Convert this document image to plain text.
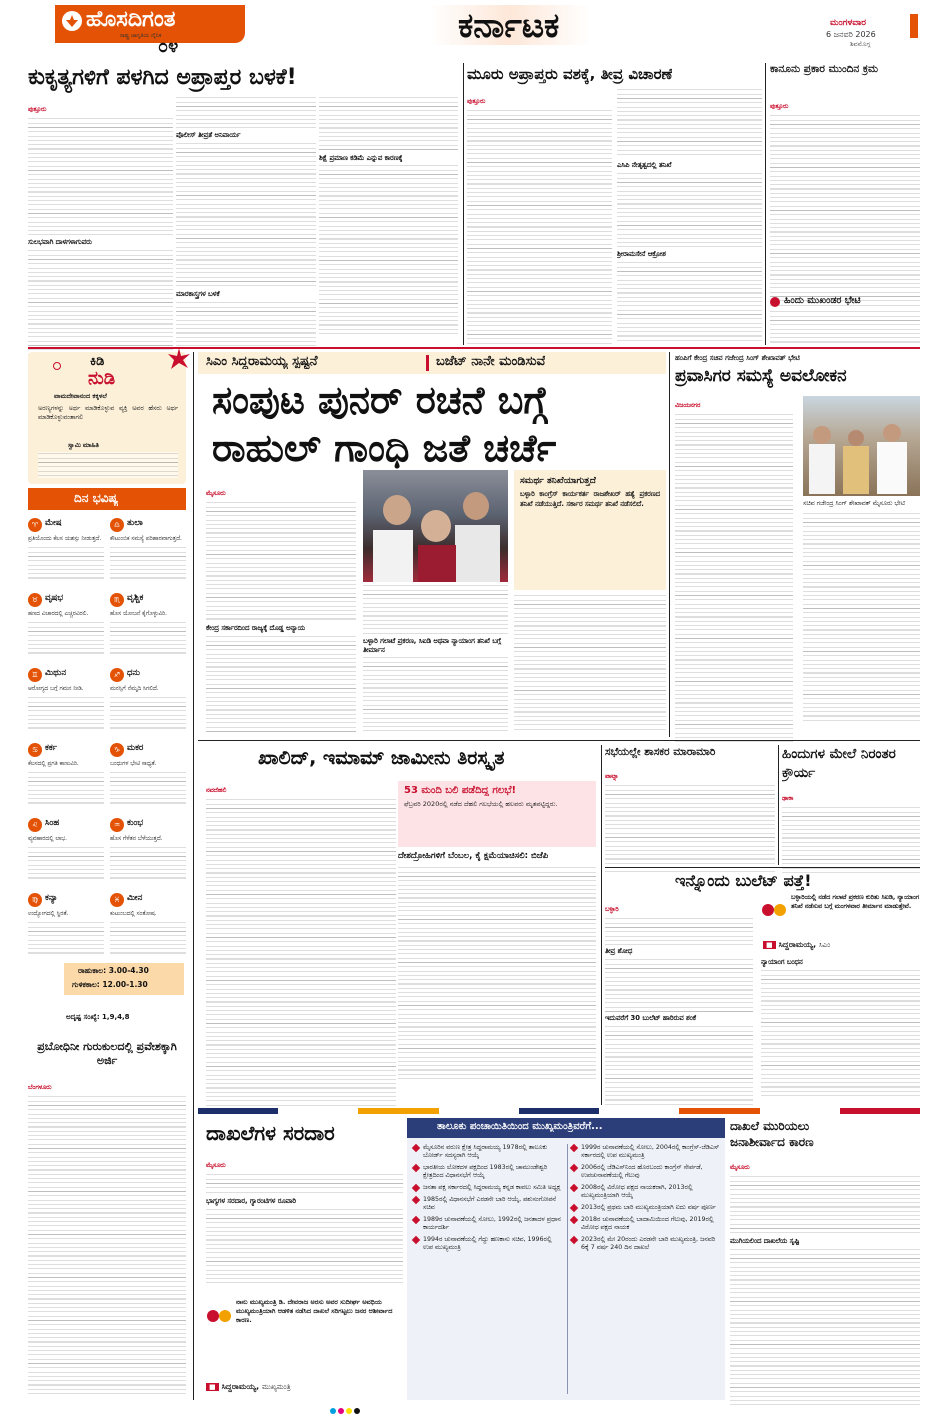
ಹೊಸದಿಗಂತ
ರಾಷ್ಟ್ರ ಜಾಗೃತಿಯ ದೈನಿಕ
೦೪
ಕರ್ನಾಟಕ	ಮಂಗಳವಾರ
6 ಜನವರಿ 2026
ಶಿವಮೊಗ್ಗ
ಕುಕೃತ್ಯಗಳಿಗೆ ಪಳಗಿದ ಅಪ್ರಾಪ್ತರ ಬಳಕೆ!
ಪುತ್ತೂರು
ಸುಲಭವಾಗಿ ದಾಳಗಳಾಗುವರು
ಪೊಲೀಸ್ ತೀವ್ರತೆ ಅನಿವಾರ್ಯ
ಮಾರಕಾಸ್ತ್ರಗಳ ಬಳಕೆ
ಶಿಕ್ಷೆ ಪ್ರಮಾಣ ಕಡಿಮೆ ಎನ್ನುವ ಕಾರಣಕ್ಕೆ
ಮೂರು ಅಪ್ರಾಪ್ತರು ವಶಕ್ಕೆ, ತೀವ್ರ ವಿಚಾರಣೆ
ಪುತ್ತೂರು
ಎಸಿಪಿ ನೇತೃತ್ವದಲ್ಲಿ ತನಿಖೆ
ಶ್ರೀರಾಮಸೇನೆ ಆಕ್ರೋಶ
ಕಾನೂನು ಪ್ರಕಾರ ಮುಂದಿನ ಕ್ರಮ
ಪುತ್ತೂರು
ಹಿಂದು ಮುಖಂಡರ ಭೇಟಿ
ಕಿಡಿ
ನುಡಿ
ವಾಮದೇವಾನಂದ ಕಕ್ಕಳಲೆ
ಅರಣ್ಯಗಳನ್ನು ಅರ್ಥ ಮಾಡಿಕೊಳ್ಳುವ ವ್ಯಕ್ತಿ ಅವರ ಹೆಸರು ಅರ್ಥ ಮಾಡಿಕೊಳ್ಳುವಂತಾಗಲಿ
ಸ್ವಾಮಿ ಮಾಹಿತಿ
ದಿನ ಭವಿಷ್ಯ
♈ ಮೇಷ
ಪ್ರತಿಯೊಂದು ಕೆಲಸ ಯಶಸ್ಸು ನೀಡುತ್ತದೆ.
♎ ತುಲಾ
ಕೌಟುಂಬಿಕ ಸಮಸ್ಯೆ ಪರಿಹಾರವಾಗುತ್ತದೆ.
♉ ವೃಷಭ
ಹಣದ ವಿಚಾರದಲ್ಲಿ ಎಚ್ಚರವಿರಲಿ.
♏ ವೃಶ್ಚಿಕ
ಹೊಸ ಯೋಜನೆ ಕೈಗೊಳ್ಳುವಿರಿ.
♊ ಮಿಥುನ
ಆರೋಗ್ಯದ ಬಗ್ಗೆ ಗಮನ ನೀಡಿ.
♐ ಧನು
ಮನಸ್ಸಿಗೆ ನೆಮ್ಮದಿ ಸಿಗಲಿದೆ.
♋ ಕರ್ಕ
ಕೆಲಸದಲ್ಲಿ ಪ್ರಗತಿ ಕಾಣುವಿರಿ.
♑ ಮಕರ
ಬಂಧುಗಳ ಭೇಟಿ ಸಾಧ್ಯತೆ.
♌ ಸಿಂಹ
ವ್ಯವಹಾರದಲ್ಲಿ ಲಾಭ.
♒ ಕುಂಭ
ಹೊಸ ಗೆಳೆತನ ಬೆಳೆಯುತ್ತದೆ.
♍ ಕನ್ಯಾ
ಉದ್ಯೋಗದಲ್ಲಿ ಸ್ಥಿರತೆ.
♓ ಮೀನ
ಕುಟುಂಬದಲ್ಲಿ ಸಂತೋಷ.
ರಾಹುಕಾಲ: 3.00-4.30
ಗುಳಿಕಕಾಲ: 12.00-1.30
ಅದೃಷ್ಟ ಸಂಖ್ಯೆ: 1,9,4,8
ಪ್ರಬೋಧಿನೀ ಗುರುಕುಲದಲ್ಲಿ ಪ್ರವೇಶಕ್ಕಾಗಿ ಅರ್ಜಿ
ಬೆಂಗಳೂರು
ಸಿಎಂ ಸಿದ್ದರಾಮಯ್ಯ ಸ್ಪಷ್ಟನೆ	ಬಜೆಟ್ ನಾನೇ ಮಂಡಿಸುವೆ
ಸಂಪುಟ ಪುನರ್ ರಚನೆ ಬಗ್ಗೆ
ರಾಹುಲ್ ಗಾಂಧಿ ಜತೆ ಚರ್ಚೆ
ಮೈಸೂರು
ಕೇಂದ್ರ ಸರ್ಕಾರದಿಂದ ರಾಜ್ಯಕ್ಕೆ ದೊಡ್ಡ ಅನ್ಯಾಯ
ಬಳ್ಳಾರಿ ಗಲಾಟೆ ಪ್ರಕರಣ, ಸಿಐಡಿ ಅಥವಾ ನ್ಯಾಯಾಂಗ ತನಿಖೆ ಬಗ್ಗೆ ತೀರ್ಮಾನ
ಸಮರ್ಥ ತನಿಖೆಯಾಗುತ್ತದೆ
ಬಳ್ಳಾರಿ ಕಾಂಗ್ರೆಸ್ ಕಾರ್ಯಕರ್ತ ರಾಜಶೇಖರ್ ಹತ್ಯೆ ಪ್ರಕರಣದ ತನಿಖೆ ನಡೆಯುತ್ತಿದೆ. ಸರ್ಕಾರ ಸಮರ್ಥ ತನಿಖೆ ನಡೆಸಲಿದೆ.
ಹಂಪಿಗೆ ಕೇಂದ್ರ ಸಚಿವ ಗಜೇಂದ್ರ ಸಿಂಗ್ ಶೇಖಾವತ್ ಭೇಟಿ
ಪ್ರವಾಸಿಗರ ಸಮಸ್ಯೆ ಅವಲೋಕನ
ವಿಜಯನಗರ
ಸಚಿವ ಗಜೇಂದ್ರ ಸಿಂಗ್ ಶೇಖಾವತ್ ಮೈಸೂರು ಭೇಟಿ
ಖಾಲಿದ್, ಇಮಾಮ್ ಜಾಮೀನು ತಿರಸ್ಕೃತ
ನವದೆಹಲಿ	53 ಮಂದಿ ಬಲಿ ಪಡೆದಿದ್ದ ಗಲಭೆ!
ಫೆಬ್ರವರಿ 2020ರಲ್ಲಿ ನಡೆದ ದೆಹಲಿ ಗಲಭೆಯಲ್ಲಿ ಹಲವರು ಮೃತಪಟ್ಟಿದ್ದರು.
ದೇಶದ್ರೋಹಿಗಳಿಗೆ ಬೆಂಬಲ, ಕೈ ಕ್ಷಮೆಯಾಚಿಸಲಿ: ಬಿಜೆಪಿ
ಸಭೆಯಲ್ಲೇ ಶಾಸಕರ ಮಾರಾಮಾರಿ
ಪಾಟ್ನಾ
ಹಿಂದುಗಳ ಮೇಲೆ ನಿರಂತರ ಕ್ರೌರ್ಯ
ಢಾಕಾ
ಇನ್ನೊಂದು ಬುಲೆಟ್ ಪತ್ತೆ!
ಬಳ್ಳಾರಿ
ತೀವ್ರ ಶೋಧ
ಇದುವರೆಗೆ 30 ಬುಲೆಟ್ ಹಾರಿರುವ ಶಂಕೆ
ಬಳ್ಳಾರಿಯಲ್ಲಿ ನಡೆದ ಗಲಾಟೆ ಪ್ರಕರಣ ಕುರಿತು ಸಿಐಡಿ, ನ್ಯಾಯಾಂಗ ತನಿಖೆ ನಡೆಸುವ ಬಗ್ಗೆ ಮಂಗಳವಾರ ತೀರ್ಮಾನ ಮಾಡುತ್ತೇವೆ.
■ ಸಿದ್ದರಾಮಯ್ಯ, ಸಿಎಂ
ನ್ಯಾಯಾಂಗ ಬಂಧನ
ದಾಖಲೆಗಳ ಸರದಾರ
ಮೈಸೂರು
ಭಾಗ್ಯಗಳ ಸರದಾರ, ಗ್ಯಾರಂಟಿಗಳ ರೂವಾರಿ
ನಾನು ಮುಖ್ಯಮಂತ್ರಿ ಡಿ. ದೇವರಾಜ ಅರಸು ಅವರ ಸುದೀರ್ಘ ಅವಧಿಯ ಮುಖ್ಯಮಂತ್ರಿಯಾಗಿ ಆಡಳಿತ ನಡೆಸಿದ ದಾಖಲೆ ಸರಿಗಟ್ಟಲು ಜನರ ಆಶೀರ್ವಾದ ಕಾರಣ.
■ ಸಿದ್ದರಾಮಯ್ಯ, ಮುಖ್ಯಮಂತ್ರಿ
ತಾಲೂಕು ಪಂಚಾಯಿತಿಯಿಂದ ಮುಖ್ಯಮಂತ್ರಿವರೆಗೆ...
ಮೈಸೂರಿನ ವರುಣ ಕ್ಷೇತ್ರ ಸಿದ್ದರಾಮಯ್ಯ 1978ರಲ್ಲಿ ತಾಲೂಕು ಬೋರ್ಡ್ ಸದಸ್ಯರಾಗಿ ಆಯ್ಕೆ
ಭಾರತೀಯ ಲೋಕದಳ ಪಕ್ಷದಿಂದ 1983ರಲ್ಲಿ ಚಾಮುಂಡೇಶ್ವರಿ ಕ್ಷೇತ್ರದಿಂದ ವಿಧಾನಸಭೆಗೆ ಆಯ್ಕೆ
ಜನತಾ ಪಕ್ಷ ಸರ್ಕಾರದಲ್ಲಿ ಸಿದ್ದರಾಮಯ್ಯ ಕನ್ನಡ ಕಾವಲು ಸಮಿತಿ ಅಧ್ಯಕ್ಷ
1985ರಲ್ಲಿ ವಿಧಾನಸಭೆಗೆ ಎರಡನೇ ಬಾರಿ ಆಯ್ಕೆ, ಪಶುಸಂಗೋಪನೆ ಸಚಿವ
1989ರ ಚುನಾವಣೆಯಲ್ಲಿ ಸೋಲು, 1992ರಲ್ಲಿ ಜನತಾದಳ ಪ್ರಧಾನ ಕಾರ್ಯದರ್ಶಿ
1994ರ ಚುನಾವಣೆಯಲ್ಲಿ ಗೆದ್ದು ಹಣಕಾಸು ಸಚಿವ, 1996ರಲ್ಲಿ ಉಪ ಮುಖ್ಯಮಂತ್ರಿ
1999ರ ಚುನಾವಣೆಯಲ್ಲಿ ಸೋಲು, 2004ರಲ್ಲಿ ಕಾಂಗ್ರೆಸ್-ಜೆಡಿಎಸ್ ಸರ್ಕಾರದಲ್ಲಿ ಉಪ ಮುಖ್ಯಮಂತ್ರಿ
2006ರಲ್ಲಿ ಜೆಡಿಎಸ್‌ನಿಂದ ಹೊರಬಂದು ಕಾಂಗ್ರೆಸ್ ಸೇರ್ಪಡೆ, ಉಪಚುನಾವಣೆಯಲ್ಲಿ ಗೆಲುವು
2008ರಲ್ಲಿ ವಿರೋಧ ಪಕ್ಷದ ನಾಯಕರಾಗಿ, 2013ರಲ್ಲಿ ಮುಖ್ಯಮಂತ್ರಿಯಾಗಿ ಆಯ್ಕೆ
2013ರಲ್ಲಿ ಪ್ರಥಮ ಬಾರಿ ಮುಖ್ಯಮಂತ್ರಿಯಾಗಿ ಐದು ವರ್ಷ ಪೂರ್ಣ
2018ರ ಚುನಾವಣೆಯಲ್ಲಿ ಬಾದಾಮಿಯಿಂದ ಗೆಲುವು, 2019ರಲ್ಲಿ ವಿರೋಧ ಪಕ್ಷದ ನಾಯಕ
2023ರಲ್ಲಿ ಮೇ 20ರಂದು ಎರಡನೇ ಬಾರಿ ಮುಖ್ಯಮಂತ್ರಿ, ಜನವರಿ 6ಕ್ಕೆ 7 ವರ್ಷ 240 ದಿನ ದಾಖಲೆ
ದಾಖಲೆ ಮುರಿಯಲು
ಜನಾಶೀರ್ವಾದ ಕಾರಣ
ಮೈಸೂರು
ಮುಗಿಯಲಿಂದ ದಾಖಲೆಯ ಸೃಷ್ಟಿ
